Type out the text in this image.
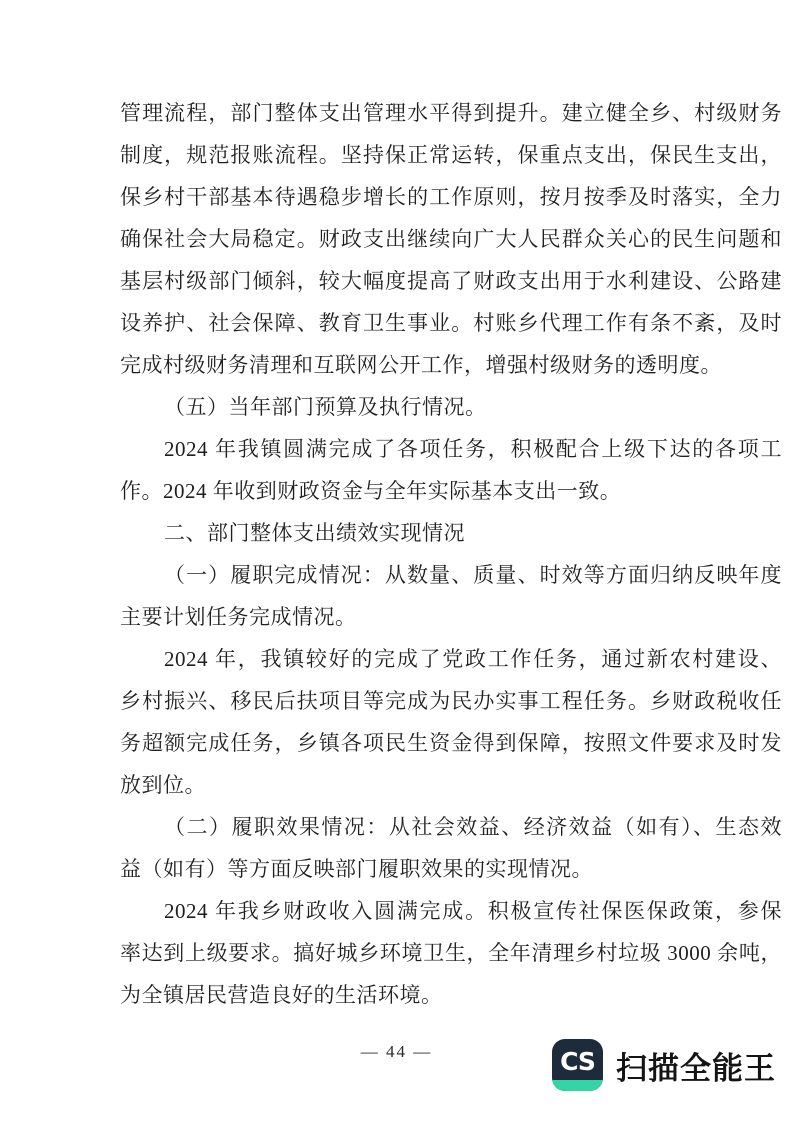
管理流程，部门整体支出管理水平得到提升。建立健全乡、村级财务
制度，规范报账流程。坚持保正常运转，保重点支出，保民生支出，
保乡村干部基本待遇稳步增长的工作原则，按月按季及时落实，全力
确保社会大局稳定。财政支出继续向广大人民群众关心的民生问题和
基层村级部门倾斜，较大幅度提高了财政支出用于水利建设、公路建
设养护、社会保障、教育卫生事业。村账乡代理工作有条不紊，及时
完成村级财务清理和互联网公开工作，增强村级财务的透明度。
（五）当年部门预算及执行情况。
2024 年我镇圆满完成了各项任务，积极配合上级下达的各项工
作。2024 年收到财政资金与全年实际基本支出一致。
二、部门整体支出绩效实现情况
（一）履职完成情况：从数量、质量、时效等方面归纳反映年度
主要计划任务完成情况。
2024 年，我镇较好的完成了党政工作任务，通过新农村建设、
乡村振兴、移民后扶项目等完成为民办实事工程任务。乡财政税收任
务超额完成任务，乡镇各项民生资金得到保障，按照文件要求及时发
放到位。
（二）履职效果情况：从社会效益、经济效益（如有）、生态效
益（如有）等方面反映部门履职效果的实现情况。
2024 年我乡财政收入圆满完成。积极宣传社保医保政策，参保
率达到上级要求。搞好城乡环境卫生，全年清理乡村垃圾 3000 余吨，
为全镇居民营造良好的生活环境。
— 44 —	CS 扫描全能王
